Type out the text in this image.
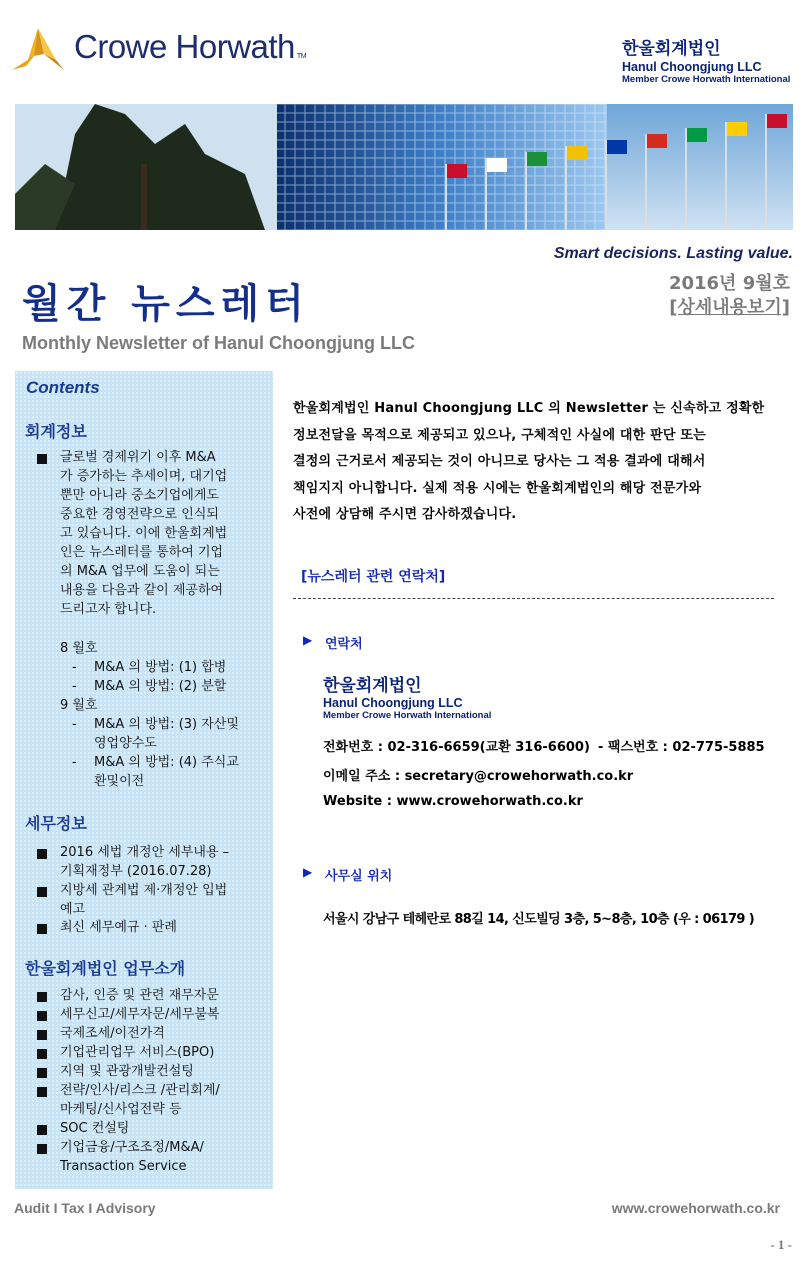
Crowe Horwath TM	한울회계법인
Hanul Choongjung LLC
Member Crowe Horwath International
Smart decisions. Lasting value.
월간 뉴스레터	2016년 9월호
[상세내용보기]
Monthly Newsletter of Hanul Choongjung LLC
Contents
회계정보
글로벌 경제위기 이후 M&A
가 증가하는 추세이며, 대기업
뿐만 아니라 중소기업에게도
중요한 경영전략으로 인식되
고 있습니다. 이에 한울회계법
인은 뉴스레터를 통하여 기업
의 M&A 업무에 도움이 되는
내용을 다음과 같이 제공하여
드리고자 합니다.
8 월호
- M&A 의 방법: (1) 합병
- M&A 의 방법: (2) 분할
9 월호
- M&A 의 방법: (3) 자산및
영업양수도
- M&A 의 방법: (4) 주식교
환및이전
세무정보
2016 세법 개정안 세부내용 –
기획재정부 (2016.07.28)
지방세 관계법 제·개정안 입법
예고
최신 세무예규 · 판례
한울회계법인 업무소개
감사, 인증 및 관련 재무자문
세무신고/세무자문/세무불복
국제조세/이전가격
기업관리업무 서비스(BPO)
지역 및 관광개발컨설팅
전략/인사/리스크 /관리회계/
마케팅/신사업전략 등
SOC 컨설팅
기업금융/구조조정/M&A/
Transaction Service
한울회계법인 Hanul Choongjung LLC 의 Newsletter 는 신속하고 정확한
정보전달을 목적으로 제공되고 있으나, 구체적인 사실에 대한 판단 또는
결정의 근거로서 제공되는 것이 아니므로 당사는 그 적용 결과에 대해서
책임지지 아니합니다. 실제 적용 시에는 한울회계법인의 해당 전문가와
사전에 상담해 주시면 감사하겠습니다.
[뉴스레터 관련 연락처]
▶ 연락처
한울회계법인
Hanul Choongjung LLC
Member Crowe Horwath International
전화번호 : 02-316-6659(교환 316-6600) - 팩스번호 : 02-775-5885
이메일 주소 : secretary@crowehorwath.co.kr
Website : www.crowehorwath.co.kr
▶ 사무실 위치
서울시 강남구 테헤란로 88길 14, 신도빌딩 3층, 5~8층, 10층 (우 : 06179 )
Audit I Tax I Advisory	www.crowehorwath.co.kr
- 1 -
